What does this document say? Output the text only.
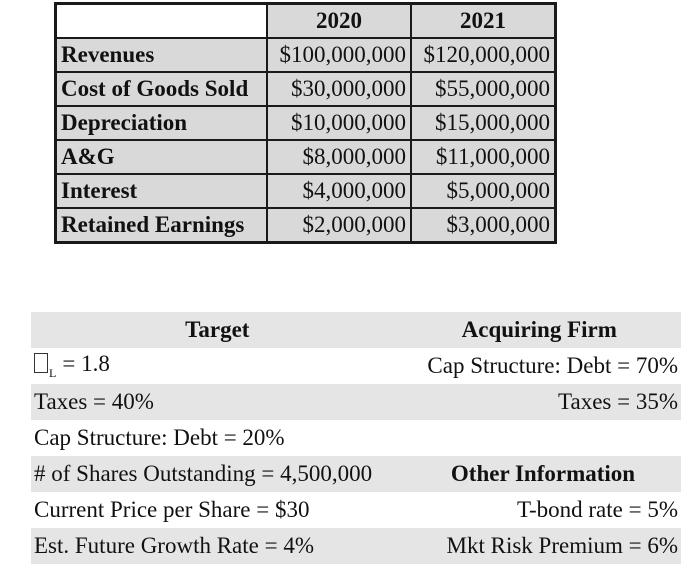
	2020	2021
Revenues	$100,000,000	$120,000,000
Cost of Goods Sold	$30,000,000	$55,000,000
Depreciation	$10,000,000	$15,000,000
A&G	$8,000,000	$11,000,000
Interest	$4,000,000	$5,000,000
Retained Earnings	$2,000,000	$3,000,000
Target	Acquiring Firm
$_L$ = 1.8	Cap Structure: Debt = 70%
Taxes = 40%	Taxes = 35%
Cap Structure: Debt = 20%
# of Shares Outstanding = 4,500,000	Other Information
Current Price per Share = $30	T-bond rate = 5%
Est. Future Growth Rate = 4%	Mkt Risk Premium = 6%
